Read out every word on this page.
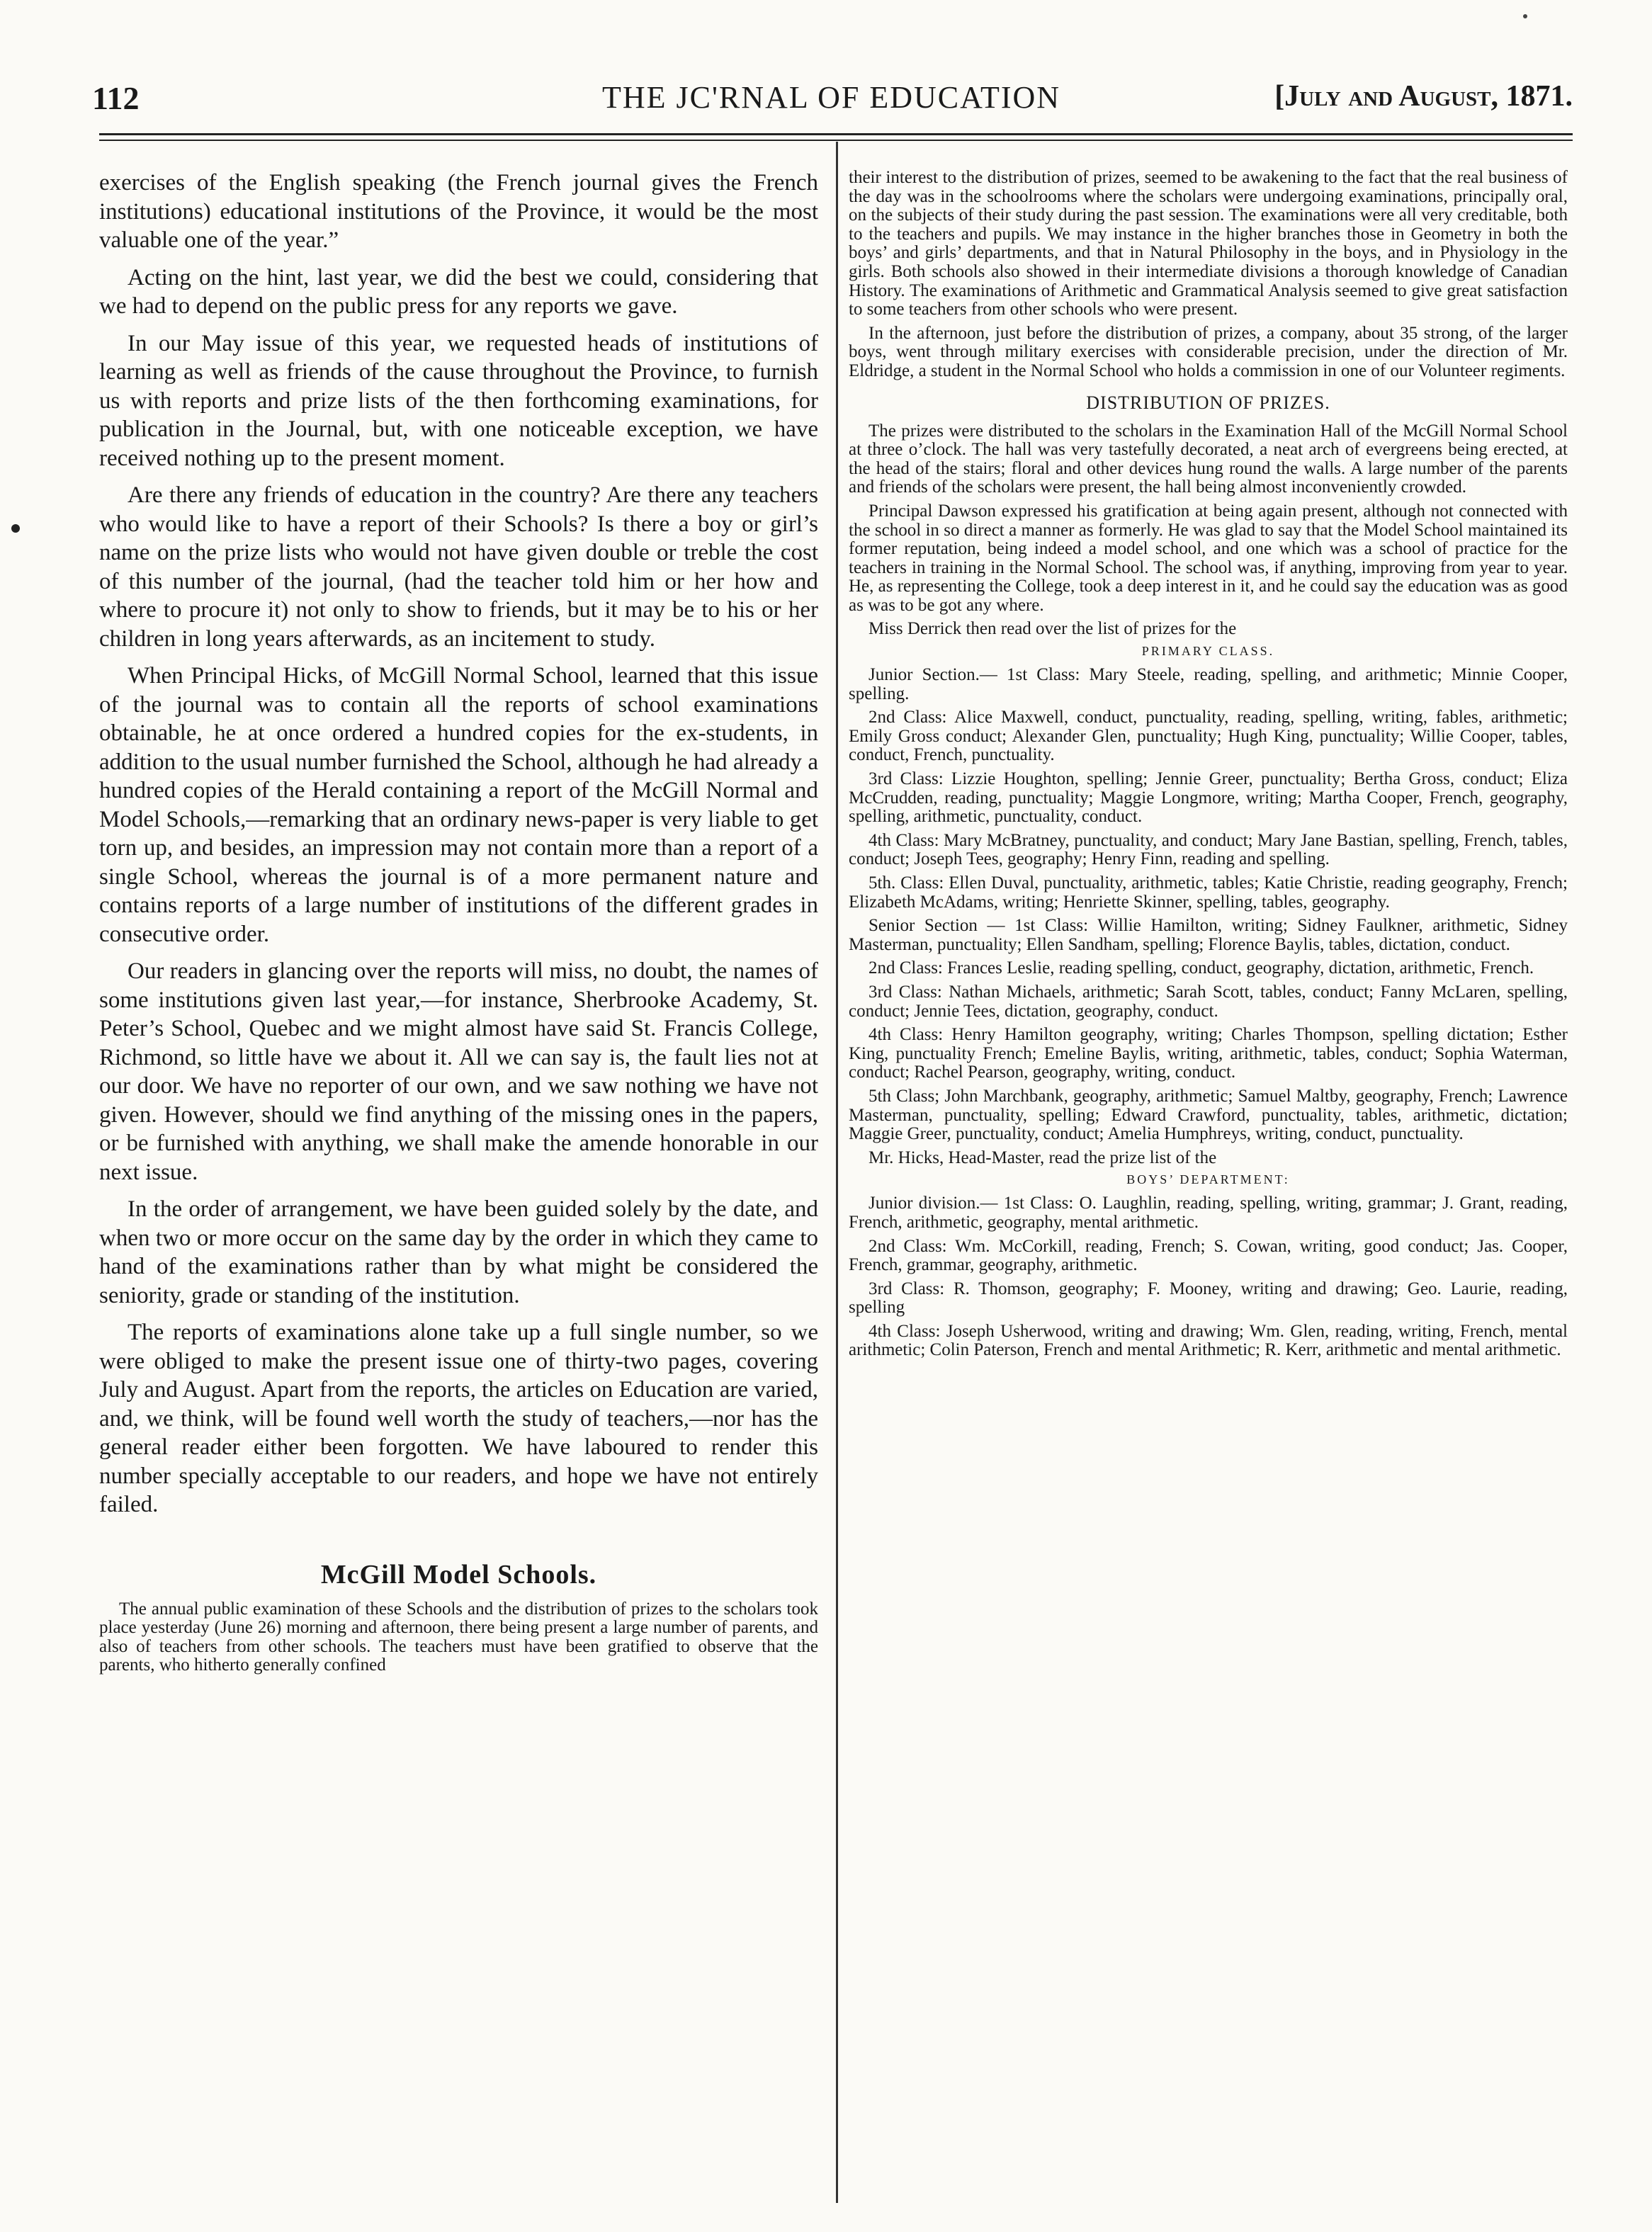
112	THE JC'RNAL OF EDUCATION	[July and August, 1871.

exercises of the English speaking (the French journal gives the French institutions) educational institutions of the Province, it would be the most valuable one of the year.”

Acting on the hint, last year, we did the best we could, considering that we had to depend on the public press for any reports we gave.

In our May issue of this year, we requested heads of institutions of learning as well as friends of the cause throughout the Province, to furnish us with reports and prize lists of the then forthcoming examinations, for publication in the Journal, but, with one noticeable exception, we have received nothing up to the present moment.

Are there any friends of education in the country? Are there any teachers who would like to have a report of their Schools? Is there a boy or girl’s name on the prize lists who would not have given double or treble the cost of this number of the journal, (had the teacher told him or her how and where to procure it) not only to show to friends, but it may be to his or her children in long years afterwards, as an incitement to study.

When Principal Hicks, of McGill Normal School, learned that this issue of the journal was to contain all the reports of school examinations obtainable, he at once ordered a hundred copies for the ex-students, in addition to the usual number furnished the School, although he had already a hundred copies of the Herald containing a report of the McGill Normal and Model Schools,—remarking that an ordinary news-paper is very liable to get torn up, and besides, an impression may not contain more than a report of a single School, whereas the journal is of a more permanent nature and contains reports of a large number of institutions of the different grades in consecutive order.

Our readers in glancing over the reports will miss, no doubt, the names of some institutions given last year,—for instance, Sherbrooke Academy, St. Peter’s School, Quebec and we might almost have said St. Francis College, Richmond, so little have we about it. All we can say is, the fault lies not at our door. We have no reporter of our own, and we saw nothing we have not given. However, should we find anything of the missing ones in the papers, or be furnished with anything, we shall make the amende honorable in our next issue.

In the order of arrangement, we have been guided solely by the date, and when two or more occur on the same day by the order in which they came to hand of the examinations rather than by what might be considered the seniority, grade or standing of the institution.

The reports of examinations alone take up a full single number, so we were obliged to make the present issue one of thirty-two pages, covering July and August. Apart from the reports, the articles on Education are varied, and, we think, will be found well worth the study of teachers,—nor has the general reader either been forgotten. We have laboured to render this number specially acceptable to our readers, and hope we have not entirely failed.

McGill Model Schools.

The annual public examination of these Schools and the distribution of prizes to the scholars took place yesterday (June 26) morning and afternoon, there being present a large number of parents, and also of teachers from other schools. The teachers must have been gratified to observe that the parents, who hitherto generally confined

their interest to the distribution of prizes, seemed to be awakening to the fact that the real business of the day was in the schoolrooms where the scholars were undergoing examinations, principally oral, on the subjects of their study during the past session. The examinations were all very creditable, both to the teachers and pupils. We may instance in the higher branches those in Geometry in both the boys’ and girls’ departments, and that in Natural Philosophy in the boys, and in Physiology in the girls. Both schools also showed in their intermediate divisions a thorough knowledge of Canadian History. The examinations of Arithmetic and Grammatical Analysis seemed to give great satisfaction to some teachers from other schools who were present.

In the afternoon, just before the distribution of prizes, a company, about 35 strong, of the larger boys, went through military exercises with considerable precision, under the direction of Mr. Eldridge, a student in the Normal School who holds a commission in one of our Volunteer regiments.

DISTRIBUTION OF PRIZES.

The prizes were distributed to the scholars in the Examination Hall of the McGill Normal School at three o’clock. The hall was very tastefully decorated, a neat arch of evergreens being erected, at the head of the stairs; floral and other devices hung round the walls. A large number of the parents and friends of the scholars were present, the hall being almost inconveniently crowded.

Principal Dawson expressed his gratification at being again present, although not connected with the school in so direct a manner as formerly. He was glad to say that the Model School maintained its former reputation, being indeed a model school, and one which was a school of practice for the teachers in training in the Normal School. The school was, if anything, improving from year to year. He, as representing the College, took a deep interest in it, and he could say the education was as good as was to be got any where.

Miss Derrick then read over the list of prizes for the

PRIMARY CLASS.

Junior Section.— 1st Class: Mary Steele, reading, spelling, and arithmetic; Minnie Cooper, spelling.

2nd Class: Alice Maxwell, conduct, punctuality, reading, spelling, writing, fables, arithmetic; Emily Gross conduct; Alexander Glen, punctuality; Hugh King, punctuality; Willie Cooper, tables, conduct, French, punctuality.

3rd Class: Lizzie Houghton, spelling; Jennie Greer, punctuality; Bertha Gross, conduct; Eliza McCrudden, reading, punctuality; Maggie Longmore, writing; Martha Cooper, French, geography, spelling, arithmetic, punctuality, conduct.

4th Class: Mary McBratney, punctuality, and conduct; Mary Jane Bastian, spelling, French, tables, conduct; Joseph Tees, geography; Henry Finn, reading and spelling.

5th. Class: Ellen Duval, punctuality, arithmetic, tables; Katie Christie, reading geography, French; Elizabeth McAdams, writing; Henriette Skinner, spelling, tables, geography.

Senior Section — 1st Class: Willie Hamilton, writing; Sidney Faulkner, arithmetic, Sidney Masterman, punctuality; Ellen Sandham, spelling; Florence Baylis, tables, dictation, conduct.

2nd Class: Frances Leslie, reading spelling, conduct, geography, dictation, arithmetic, French.

3rd Class: Nathan Michaels, arithmetic; Sarah Scott, tables, conduct; Fanny McLaren, spelling, conduct; Jennie Tees, dictation, geography, conduct.

4th Class: Henry Hamilton geography, writing; Charles Thompson, spelling dictation; Esther King, punctuality French; Emeline Baylis, writing, arithmetic, tables, conduct; Sophia Waterman, conduct; Rachel Pearson, geography, writing, conduct.

5th Class; John Marchbank, geography, arithmetic; Samuel Maltby, geography, French; Lawrence Masterman, punctuality, spelling; Edward Crawford, punctuality, tables, arithmetic, dictation; Maggie Greer, punctuality, conduct; Amelia Humphreys, writing, conduct, punctuality.

Mr. Hicks, Head-Master, read the prize list of the

BOYS’ DEPARTMENT:

Junior division.— 1st Class: O. Laughlin, reading, spelling, writing, grammar; J. Grant, reading, French, arithmetic, geography, mental arithmetic.

2nd Class: Wm. McCorkill, reading, French; S. Cowan, writing, good conduct; Jas. Cooper, French, grammar, geography, arithmetic.

3rd Class: R. Thomson, geography; F. Mooney, writing and drawing; Geo. Laurie, reading, spelling

4th Class: Joseph Usherwood, writing and drawing; Wm. Glen, reading, writing, French, mental arithmetic; Colin Paterson, French and mental Arithmetic; R. Kerr, arithmetic and mental arithmetic.
